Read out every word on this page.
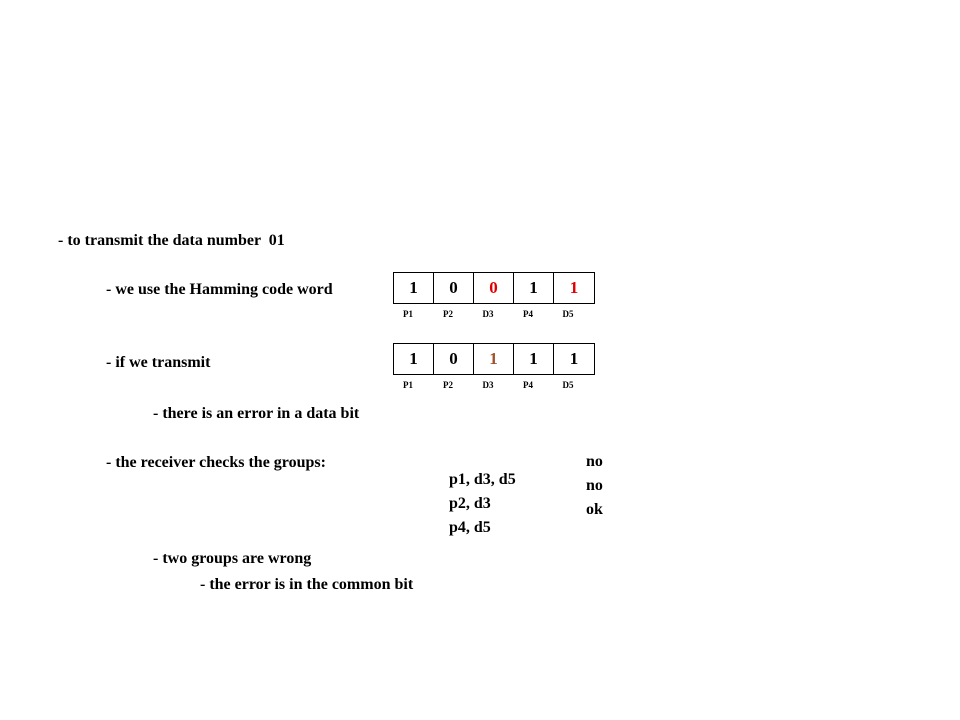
- to transmit the data number  01
- we use the Hamming code word	1	0	0	1	1
P1	P2	D3	P4	D5
- if we transmit	1	0	1	1	1
P1	P2	D3	P4	D5
- there is an error in a data bit
- the receiver checks the groups:

p1, d3, d5

no

p2, d3

no

p4, d5

ok
- two groups are wrong
- the error is in the common bit
